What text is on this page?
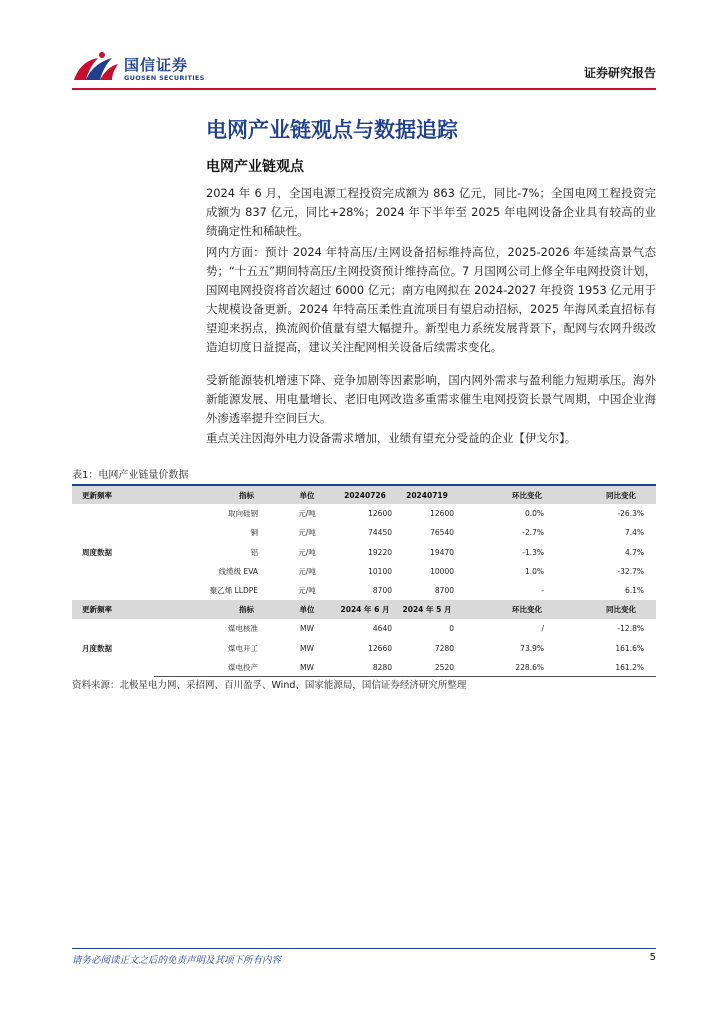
国信证券
GUOSEN SECURITIES	证券研究报告
电网产业链观点与数据追踪
电网产业链观点

2024 年 6 月，全国电源工程投资完成额为 863 亿元，同比-7%；全国电网工程投资完成额为 837 亿元，同比+28%；2024 年下半年至 2025 年电网设备企业具有较高的业绩确定性和稀缺性。

网内方面：预计 2024 年特高压/主网设备招标维持高位，2025-2026 年延续高景气态势；“十五五”期间特高压/主网投资预计维持高位。7 月国网公司上修全年电网投资计划，国网电网投资将首次超过 6000 亿元；南方电网拟在 2024-2027 年投资 1953 亿元用于大规模设备更新。2024 年特高压柔性直流项目有望启动招标，2025 年海风柔直招标有望迎来拐点，换流阀价值量有望大幅提升。新型电力系统发展背景下，配网与农网升级改造迫切度日益提高，建议关注配网相关设备后续需求变化。

受新能源装机增速下降、竞争加剧等因素影响，国内网外需求与盈利能力短期承压。海外新能源发展、用电量增长、老旧电网改造多重需求催生电网投资长景气周期，中国企业海外渗透率提升空间巨大。

重点关注因海外电力设备需求增加，业绩有望充分受益的企业【伊戈尔】。

表1：电网产业链量价数据
更新频率	指标	单位	20240726	20240719	环比变化	同比变化
周度数据	取向硅钢	元/吨	12600	12600	0.0%	-26.3%
	铜	元/吨	74450	76540	-2.7%	7.4%
	铝	元/吨	19220	19470	-1.3%	4.7%
	线缆级 EVA	元/吨	10100	10000	1.0%	-32.7%
	聚乙烯 LLDPE	元/吨	8700	8700	-	6.1%
更新频率	指标	单位	2024 年 6 月	2024 年 5 月	环比变化	同比变化
月度数据	煤电核准	MW	4640	0	/	-12.8%
	煤电开工	MW	12660	7280	73.9%	161.6%
	煤电投产	MW	8280	2520	228.6%	161.2%
资料来源：北极星电力网、采招网、百川盈孚、Wind、国家能源局，国信证券经济研究所整理
请务必阅读正文之后的免责声明及其项下所有内容	5
